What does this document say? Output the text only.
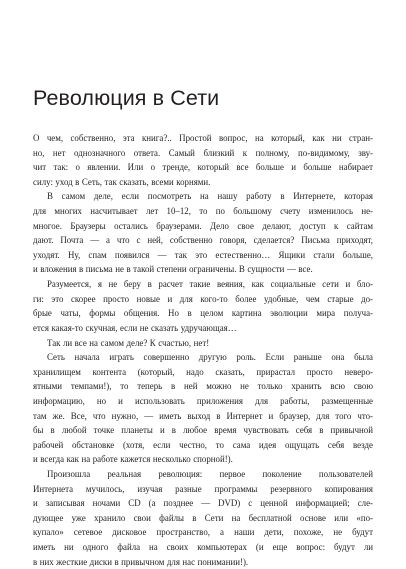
Революция в Сети
О чем, собственно, эта книга?.. Простой вопрос, на который, как ни стран-
но, нет однозначного ответа. Самый близкий к полному, по-видимому, зву-
чит так: о явлении. Или о тренде, который все больше и больше набирает
силу: уход в Сеть, так сказать, всеми корнями.
В самом деле, если посмотреть на нашу работу в Интернете, которая
для многих насчитывает лет 10–12, то по большому счету изменилось не-
многое. Браузеры остались браузерами. Дело свое делают, доступ к сайтам
дают. Почта — а что с ней, собственно говоря, сделается? Письма приходят,
уходят. Ну, спам появился — так это естественно… Ящики стали больше,
и вложения в письма не в такой степени ограничены. В сущности — все.
Разумеется, я не беру в расчет такие веяния, как социальные сети и бло-
ги: это скорее просто новые и для кого-то более удобные, чем старые до-
брые чаты, формы общения. Но в целом картина эволюции мира получа-
ется какая-то скучная, если не сказать удручающая…
Так ли все на самом деле? К счастью, нет!
Сеть начала играть совершенно другую роль. Если раньше она была
хранилищем контента (который, надо сказать, прирастал просто неверо-
ятными темпами!), то теперь в ней можно не только хранить всю свою
информацию, но и использовать приложения для работы, размещенные
там же. Все, что нужно, — иметь выход в Интернет и браузер, для того что-
бы в любой точке планеты и в любое время чувствовать себя в привычной
рабочей обстановке (хотя, если честно, то сама идея ощущать себя везде
и всегда как на работе кажется несколько спорной!).
Произошла реальная революция: первое поколение пользователей
Интернета мучилось, изучая разные программы резервного копирования
и записывая ночами CD (а позднее — DVD) с ценной информацией; сле-
дующее уже хранило свои файлы в Сети на бесплатной основе или «по-
купало» сетевое дисковое пространство, а наши дети, похоже, не будут
иметь ни одного файла на своих компьютерах (и еще вопрос: будут ли
в них жесткие диски в привычном для нас понимании!).
